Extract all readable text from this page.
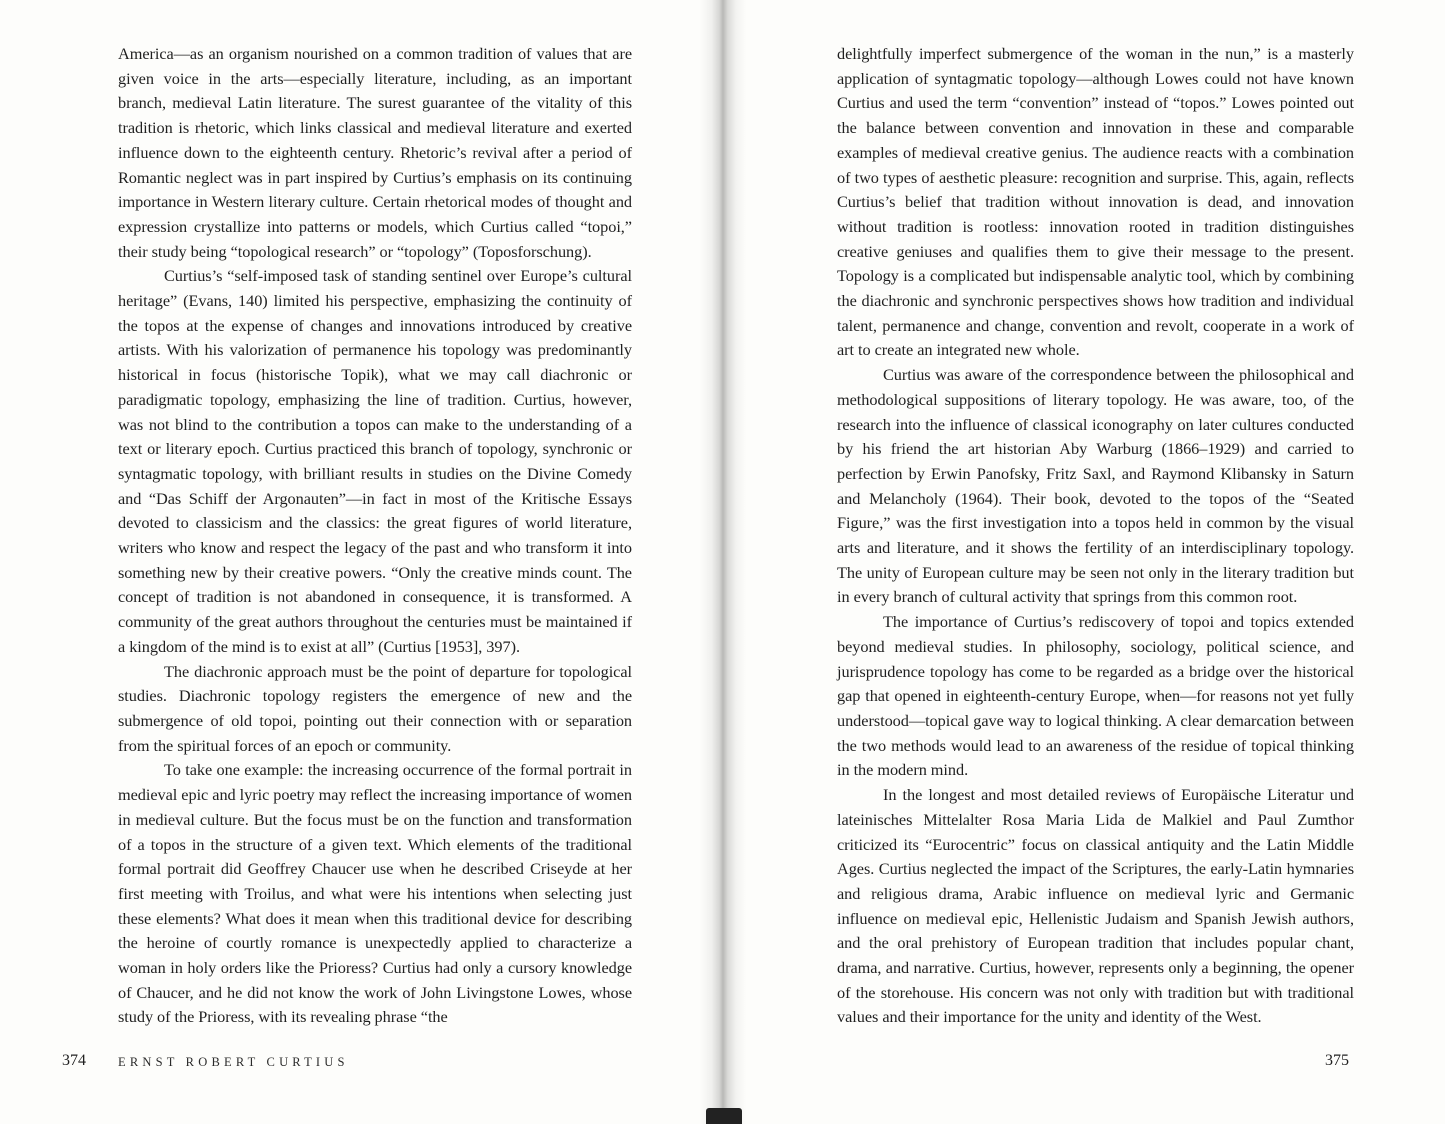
America—as an organism nourished on a common tradition of values that are given voice in the arts—especially literature, including, as an important branch, medieval Latin literature. The surest guarantee of the vitality of this tradition is rhetoric, which links classical and medieval literature and exerted influence down to the eighteenth century. Rhetoric’s revival after a period of Romantic neglect was in part inspired by Curtius’s emphasis on its continuing importance in Western literary culture. Certain rhetorical modes of thought and expression crystallize into patterns or models, which Curtius called “topoi,” their study being “topological research” or “topology” (Toposforschung).

Curtius’s “self-imposed task of standing sentinel over Europe’s cultural heritage” (Evans, 140) limited his perspective, emphasizing the continuity of the topos at the expense of changes and innovations introduced by creative artists. With his valorization of permanence his topology was predominantly historical in focus (historische Topik), what we may call diachronic or paradigmatic topology, emphasizing the line of tradition. Curtius, however, was not blind to the contribution a topos can make to the understanding of a text or literary epoch. Curtius practiced this branch of topology, synchronic or syntagmatic topology, with brilliant results in studies on the Divine Comedy and “Das Schiff der Argonauten”—in fact in most of the Kritische Essays devoted to classicism and the classics: the great figures of world literature, writers who know and respect the legacy of the past and who transform it into something new by their creative powers. “Only the creative minds count. The concept of tradition is not abandoned in consequence, it is transformed. A community of the great authors throughout the centuries must be maintained if a kingdom of the mind is to exist at all” (Curtius [1953], 397).

The diachronic approach must be the point of departure for topological studies. Diachronic topology registers the emergence of new and the submergence of old topoi, pointing out their connection with or separation from the spiritual forces of an epoch or community.

To take one example: the increasing occurrence of the formal portrait in medieval epic and lyric poetry may reflect the increasing importance of women in medieval culture. But the focus must be on the function and transformation of a topos in the structure of a given text. Which elements of the traditional formal portrait did Geoffrey Chaucer use when he described Criseyde at her first meeting with Troilus, and what were his intentions when selecting just these elements? What does it mean when this traditional device for describing the heroine of courtly romance is unexpectedly applied to characterize a woman in holy orders like the Prioress? Curtius had only a cursory knowledge of Chaucer, and he did not know the work of John Livingstone Lowes, whose study of the Prioress, with its revealing phrase “the

374	ERNST ROBERT CURTIUS

delightfully imperfect submergence of the woman in the nun,” is a masterly application of syntagmatic topology—although Lowes could not have known Curtius and used the term “convention” instead of “topos.” Lowes pointed out the balance between convention and innovation in these and comparable examples of medieval creative genius. The audience reacts with a combination of two types of aesthetic pleasure: recognition and surprise. This, again, reflects Curtius’s belief that tradition without innovation is dead, and innovation without tradition is rootless: innovation rooted in tradition distinguishes creative geniuses and qualifies them to give their message to the present. Topology is a complicated but indispensable analytic tool, which by combining the diachronic and synchronic perspectives shows how tradition and individual talent, permanence and change, convention and revolt, cooperate in a work of art to create an integrated new whole.

Curtius was aware of the correspondence between the philosophical and methodological suppositions of literary topology. He was aware, too, of the research into the influence of classical iconography on later cultures conducted by his friend the art historian Aby Warburg (1866–1929) and carried to perfection by Erwin Panofsky, Fritz Saxl, and Raymond Klibansky in Saturn and Melancholy (1964). Their book, devoted to the topos of the “Seated Figure,” was the first investigation into a topos held in common by the visual arts and literature, and it shows the fertility of an interdisciplinary topology. The unity of European culture may be seen not only in the literary tradition but in every branch of cultural activity that springs from this common root.

The importance of Curtius’s rediscovery of topoi and topics extended beyond medieval studies. In philosophy, sociology, political science, and jurisprudence topology has come to be regarded as a bridge over the historical gap that opened in eighteenth-century Europe, when—for reasons not yet fully understood—topical gave way to logical thinking. A clear demarcation between the two methods would lead to an awareness of the residue of topical thinking in the modern mind.

In the longest and most detailed reviews of Europäische Literatur und lateinisches Mittelalter Rosa Maria Lida de Malkiel and Paul Zumthor criticized its “Eurocentric” focus on classical antiquity and the Latin Middle Ages. Curtius neglected the impact of the Scriptures, the early-Latin hymnaries and religious drama, Arabic influence on medieval lyric and Germanic influence on medieval epic, Hellenistic Judaism and Spanish Jewish authors, and the oral prehistory of European tradition that includes popular chant, drama, and narrative. Curtius, however, represents only a beginning, the opener of the storehouse. His concern was not only with tradition but with traditional values and their importance for the unity and identity of the West.

375
